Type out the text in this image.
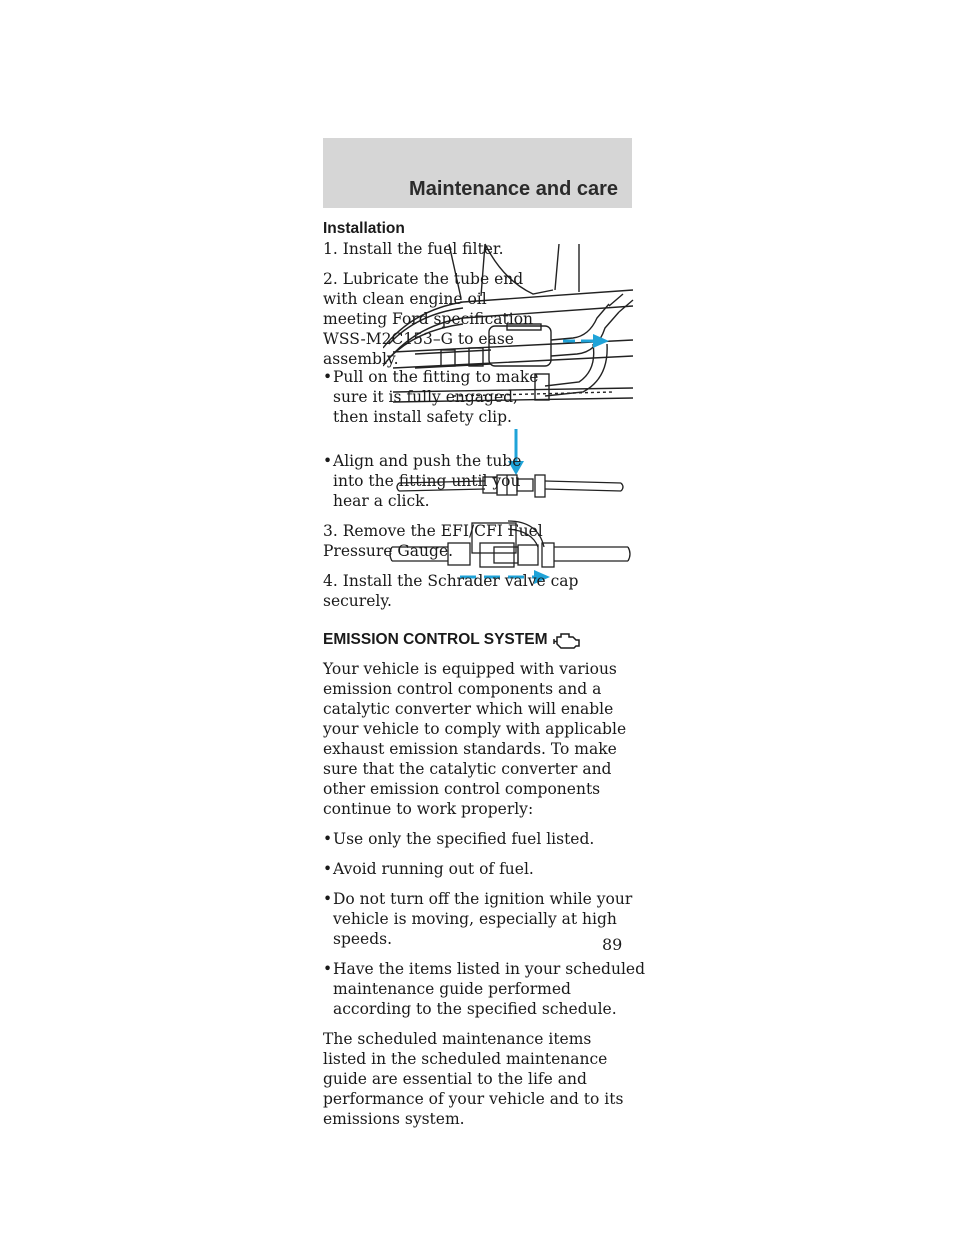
Maintenance and care

Installation

1. Install the fuel filter.

2. Lubricate the tube end with clean engine oil meeting Ford specification WSS-M2C153–G to ease assembly.

• Pull on the fitting to make sure it is fully engaged, then install safety clip.

• Align and push the tube into the fitting until you hear a click.

3. Remove the EFI/CFI Fuel Pressure Gauge.

4. Install the Schrader valve cap securely.

EMISSION CONTROL SYSTEM

Your vehicle is equipped with various emission control components and a catalytic converter which will enable your vehicle to comply with applicable exhaust emission standards. To make sure that the catalytic converter and other emission control components continue to work properly:

• Use only the specified fuel listed.

• Avoid running out of fuel.

• Do not turn off the ignition while your vehicle is moving, especially at high speeds.

• Have the items listed in your scheduled maintenance guide performed according to the specified schedule.

The scheduled maintenance items listed in the scheduled maintenance guide are essential to the life and performance of your vehicle and to its emissions system.

89
